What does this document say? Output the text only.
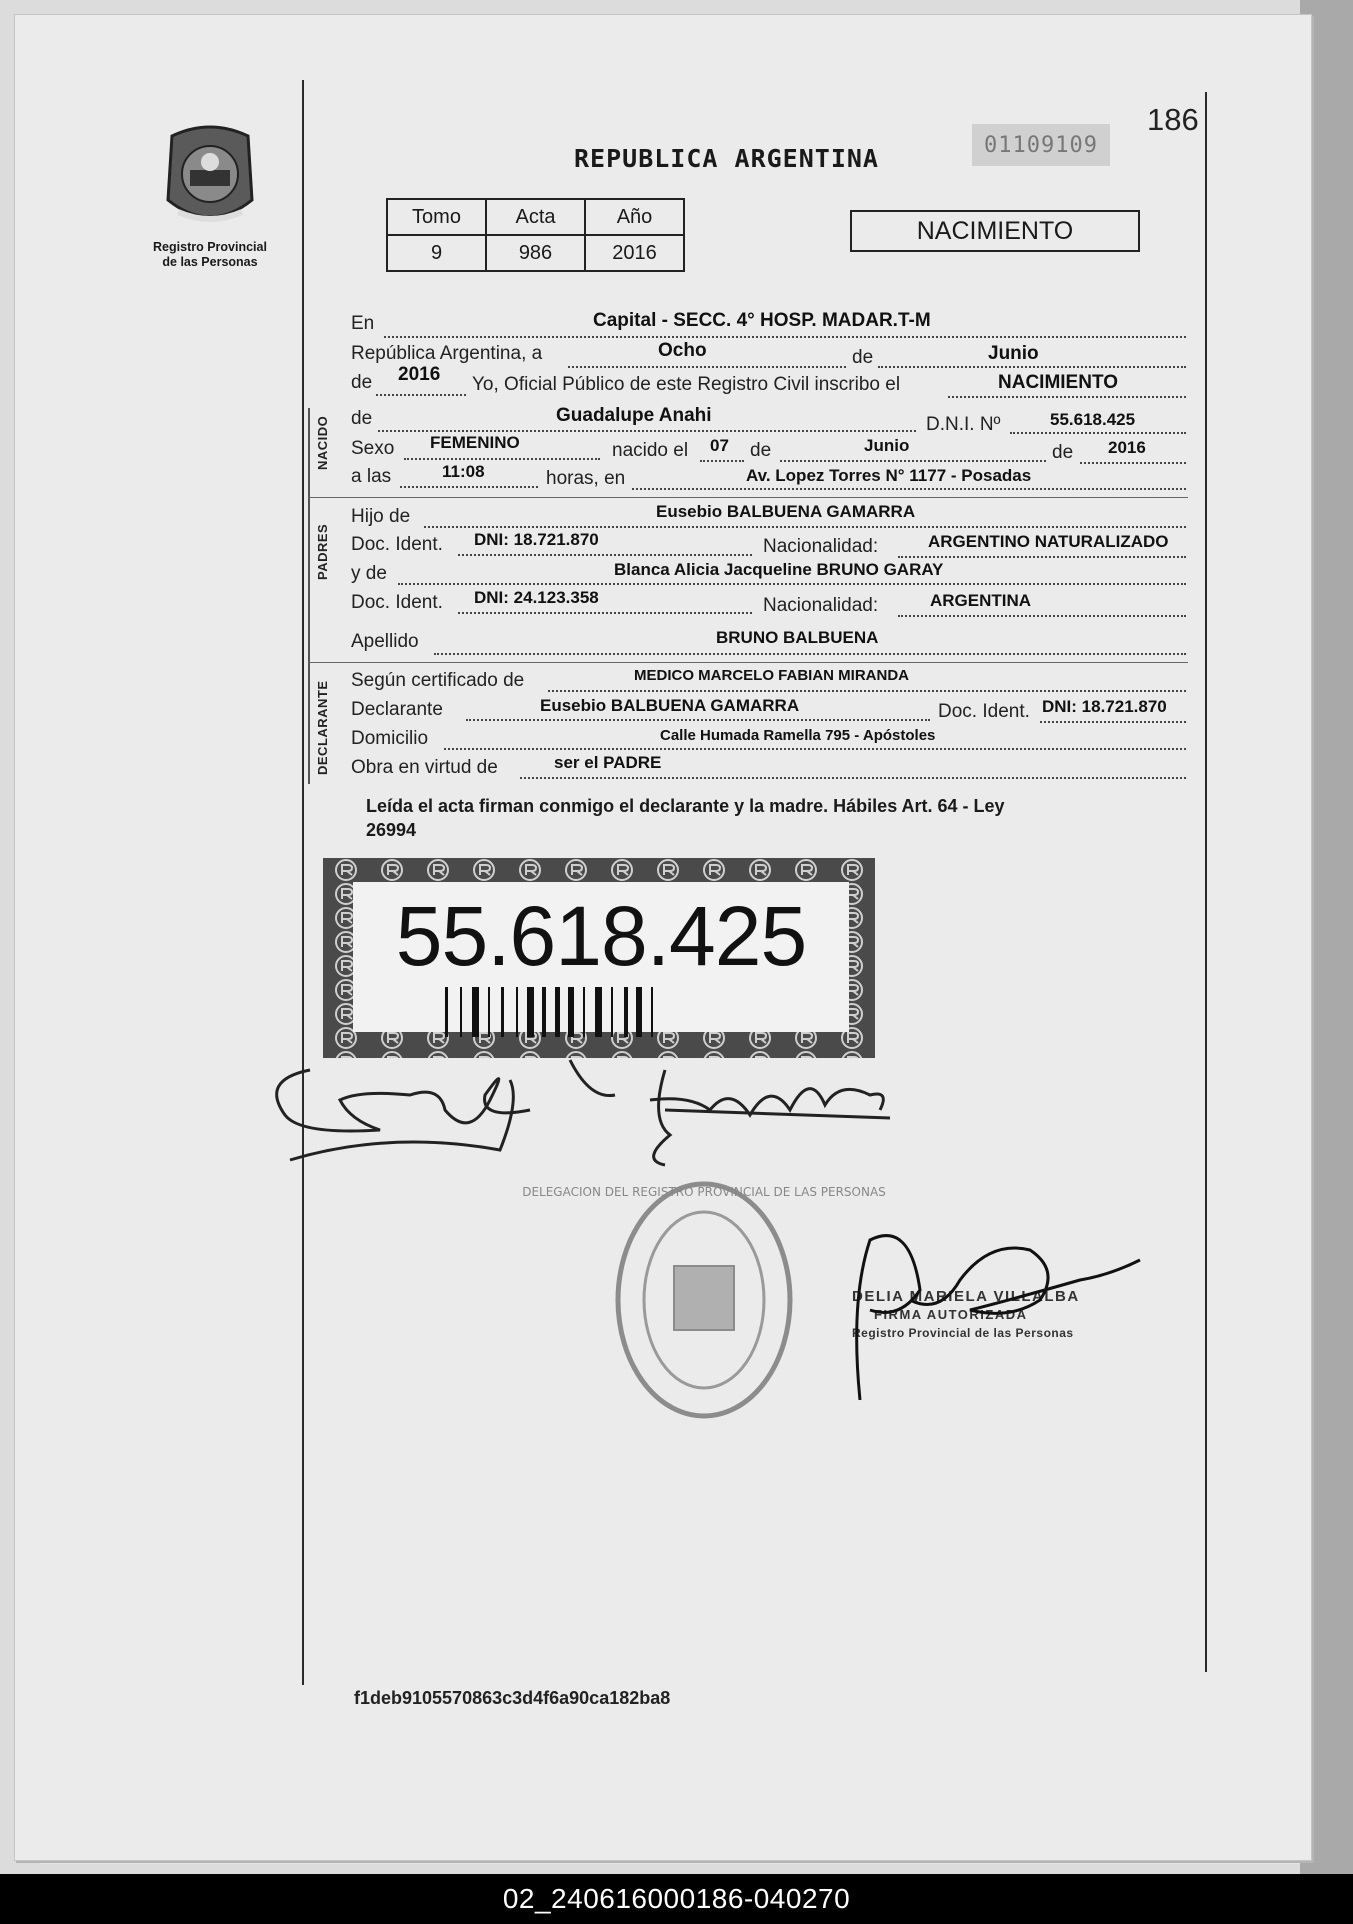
Registro Provincial
de las Personas
REPUBLICA ARGENTINA	01109109
186
Tomo	Acta	Año
9	986	2016
NACIMIENTO
En	Capital - SECC. 4° HOSP. MADAR.T-M
República Argentina, a	Ocho	de	Junio
de 2016 Yo, Oficial Público de este Registro Civil inscribo el	NACIMIENTO
NACIDO de	Guadalupe Anahi	D.N.I. Nº	55.618.425
Sexo FEMENINO	nacido el 07 de	Junio	de 2016
a las	11:08	horas, en	Av. Lopez Torres N° 1177 - Posadas
PADRES
Hijo de	Eusebio BALBUENA GAMARRA
Doc. Ident. DNI: 18.721.870	Nacionalidad:	ARGENTINO NATURALIZADO
y de	Blanca Alicia Jacqueline BRUNO GARAY
Doc. Ident. DNI: 24.123.358	Nacionalidad:	ARGENTINA
Apellido	BRUNO BALBUENA
DECLARANTE Según certificado de	MEDICO MARCELO FABIAN MIRANDA
Declarante	Eusebio BALBUENA GAMARRA	Doc. Ident. DNI: 18.721.870
Domicilio	Calle Humada Ramella 795 - Apóstoles
Obra en virtud de	ser el PADRE
Leída el acta firman conmigo el declarante y la madre. Hábiles Art. 64 - Ley
26994
55.618.425
DELEGACION DEL REGISTRO PROVINCIAL DE LAS PERSONAS
DELIA MARIELA VILLALBA
FIRMA AUTORIZADA
Registro Provincial de las Personas
f1deb9105570863c3d4f6a90ca182ba8
02_240616000186-040270
